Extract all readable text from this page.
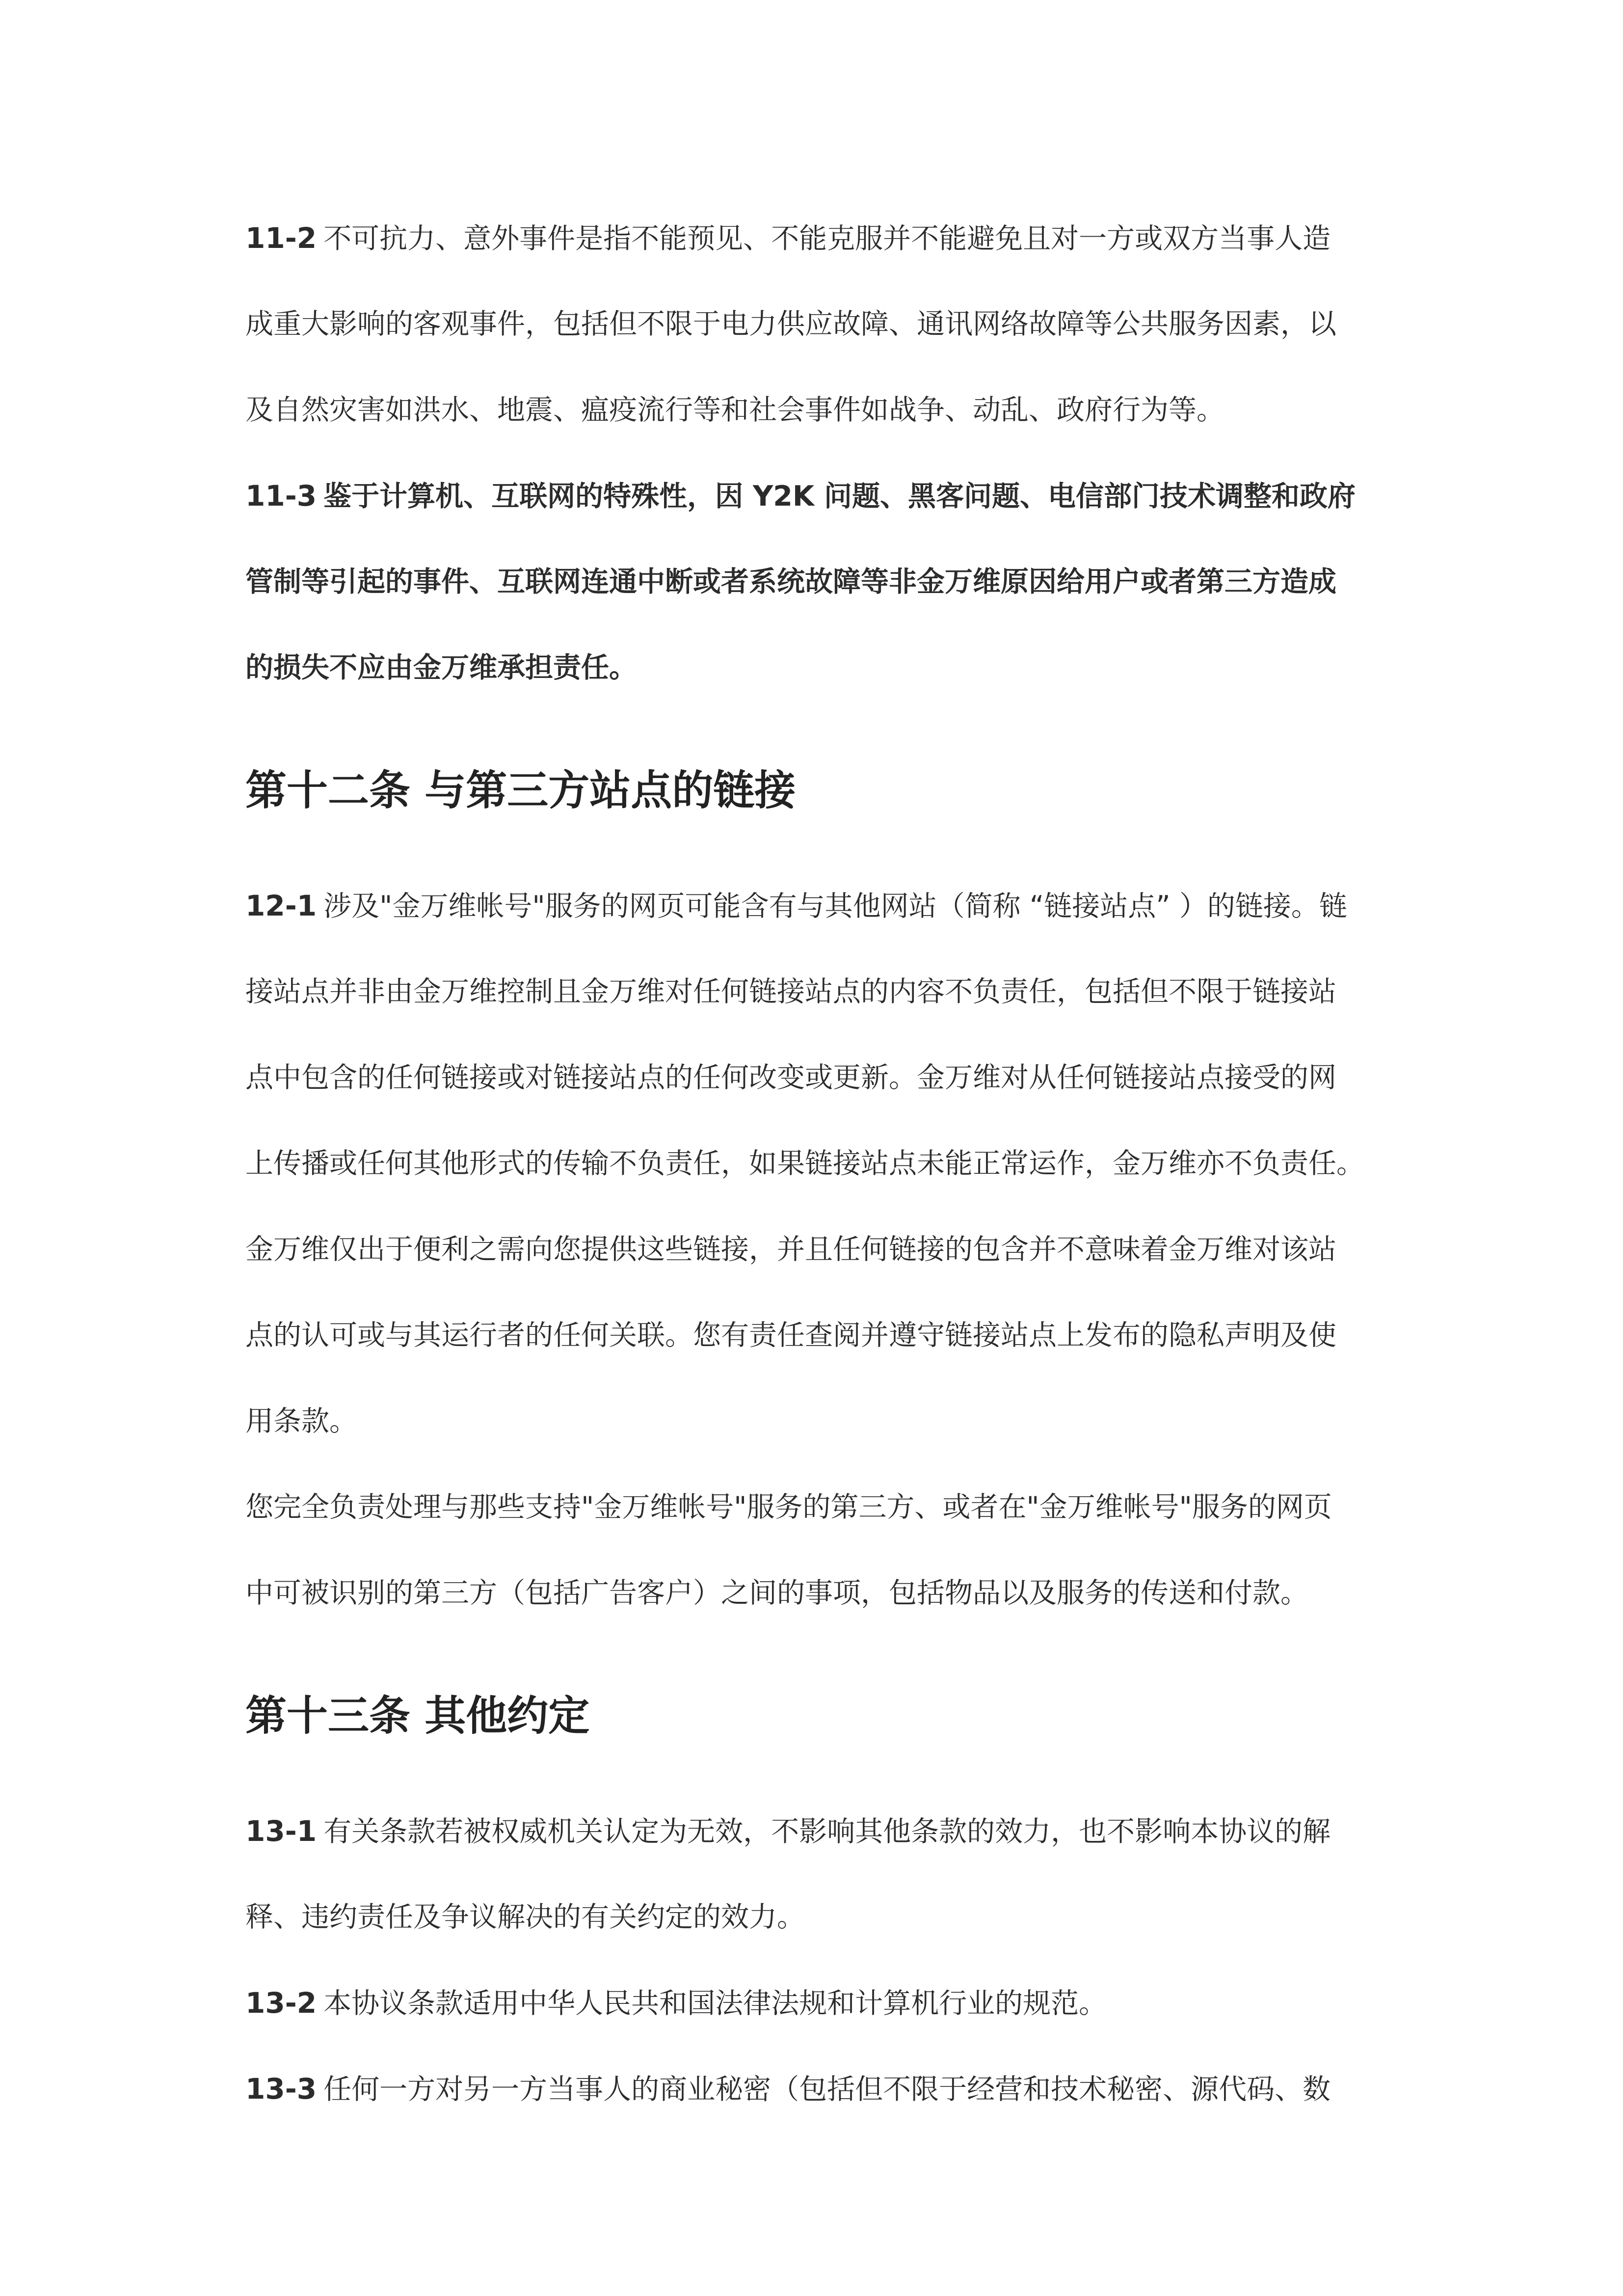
11-2 不可抗力、意外事件是指不能预见、不能克服并不能避免且对一方或双方当事人造
成重大影响的客观事件，包括但不限于电力供应故障、通讯网络故障等公共服务因素，以
及自然灾害如洪水、地震、瘟疫流行等和社会事件如战争、动乱、政府行为等。
11-3 鉴于计算机、互联网的特殊性，因 Y2K 问题、黑客问题、电信部门技术调整和政府
管制等引起的事件、互联网连通中断或者系统故障等非金万维原因给用户或者第三方造成
的损失不应由金万维承担责任。
第十二条 与第三方站点的链接
12-1 涉及"金万维帐号"服务的网页可能含有与其他网站（简称 “链接站点” ）的链接。链
接站点并非由金万维控制且金万维对任何链接站点的内容不负责任，包括但不限于链接站
点中包含的任何链接或对链接站点的任何改变或更新。金万维对从任何链接站点接受的网
上传播或任何其他形式的传输不负责任，如果链接站点未能正常运作，金万维亦不负责任。
金万维仅出于便利之需向您提供这些链接，并且任何链接的包含并不意味着金万维对该站
点的认可或与其运行者的任何关联。您有责任查阅并遵守链接站点上发布的隐私声明及使
用条款。
您完全负责处理与那些支持"金万维帐号"服务的第三方、或者在"金万维帐号"服务的网页
中可被识别的第三方（包括广告客户）之间的事项，包括物品以及服务的传送和付款。
第十三条 其他约定
13-1 有关条款若被权威机关认定为无效，不影响其他条款的效力，也不影响本协议的解
释、违约责任及争议解决的有关约定的效力。
13-2 本协议条款适用中华人民共和国法律法规和计算机行业的规范。
13-3 任何一方对另一方当事人的商业秘密（包括但不限于经营和技术秘密、源代码、数
